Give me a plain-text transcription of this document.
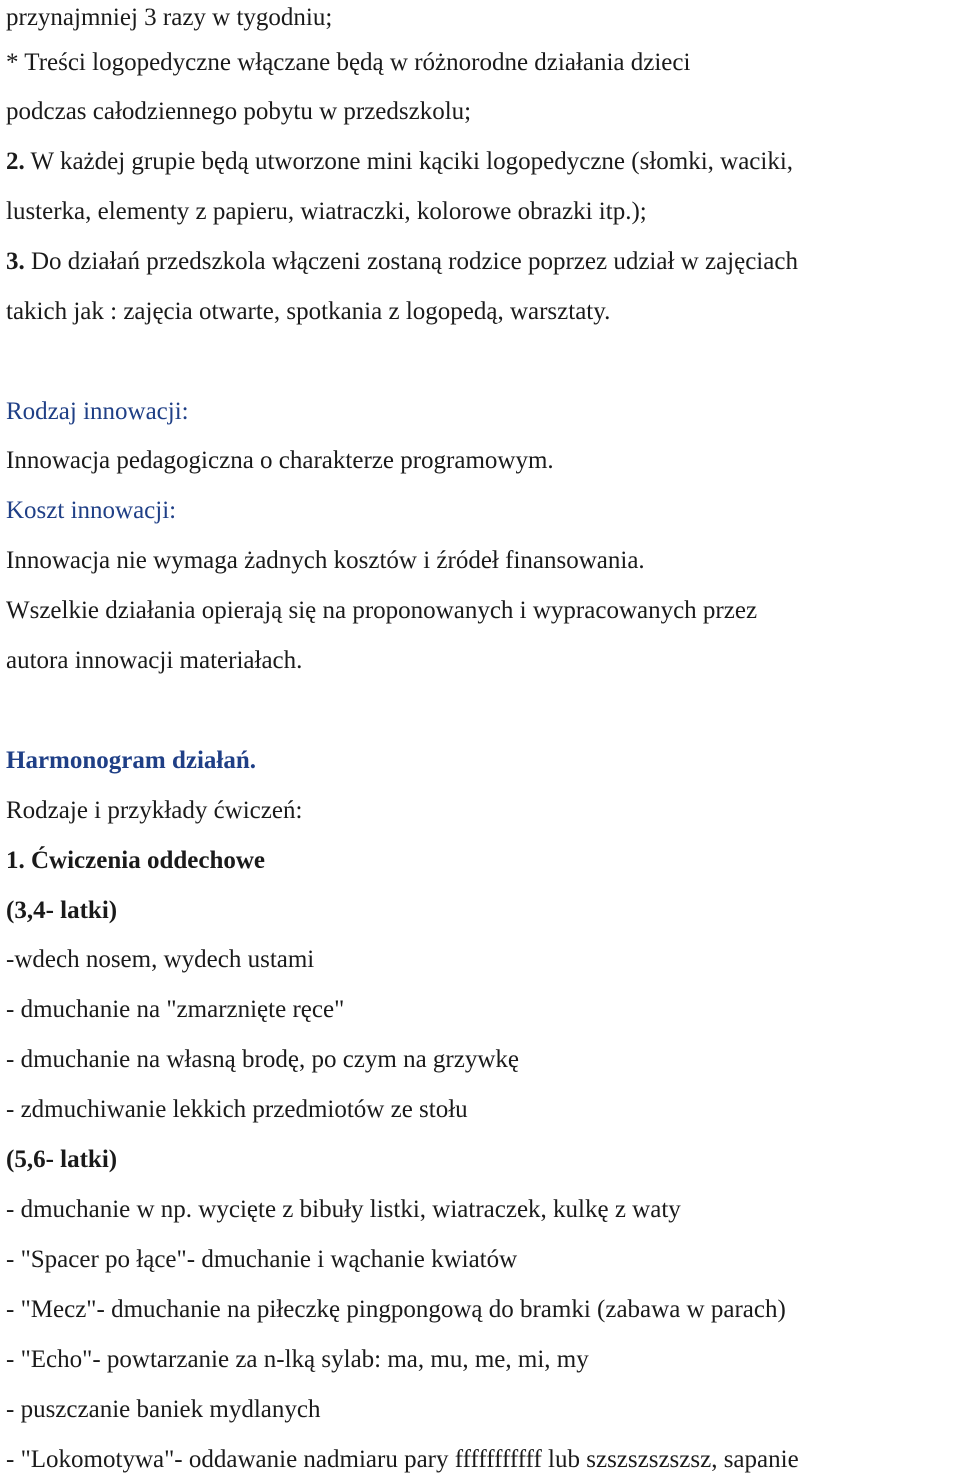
przynajmniej 3 razy w tygodniu;
* Treści logopedyczne włączane będą w różnorodne działania dzieci
podczas całodziennego pobytu w przedszkolu;
2. W każdej grupie będą utworzone mini kąciki logopedyczne (słomki, waciki,
lusterka, elementy z papieru, wiatraczki, kolorowe obrazki itp.);
3. Do działań przedszkola włączeni zostaną rodzice poprzez udział w zajęciach
takich jak : zajęcia otwarte, spotkania z logopedą, warsztaty.
Rodzaj innowacji:
Innowacja pedagogiczna o charakterze programowym.
Koszt innowacji:
Innowacja nie wymaga żadnych kosztów i źródeł finansowania.
Wszelkie działania opierają się na proponowanych i wypracowanych przez
autora innowacji materiałach.
Harmonogram działań.
Rodzaje i przykłady ćwiczeń:
1. Ćwiczenia oddechowe
(3,4- latki)
-wdech nosem, wydech ustami
- dmuchanie na "zmarznięte ręce"
- dmuchanie na własną brodę, po czym na grzywkę
- zdmuchiwanie lekkich przedmiotów ze stołu
(5,6- latki)
- dmuchanie w np. wycięte z bibuły listki, wiatraczek, kulkę z waty
- "Spacer po łące"- dmuchanie i wąchanie kwiatów
- "Mecz"- dmuchanie na piłeczkę pingpongową do bramki (zabawa w parach)
- "Echo"- powtarzanie za n-lką sylab: ma, mu, me, mi, my
- puszczanie baniek mydlanych
- "Lokomotywa"- oddawanie nadmiaru pary fffffffffff lub szszszszszsz, sapanie
